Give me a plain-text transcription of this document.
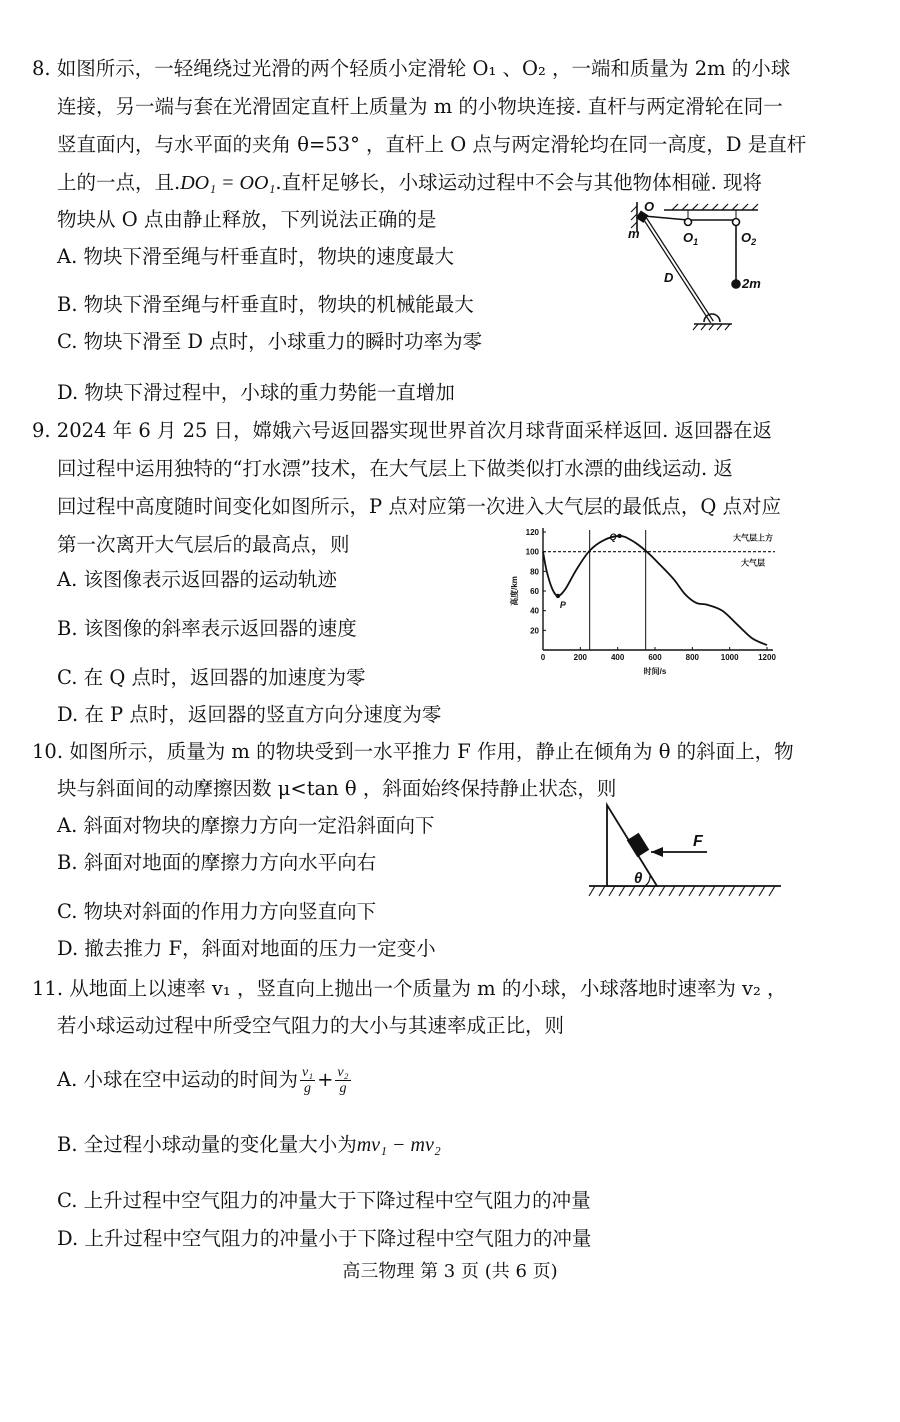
8. 如图所示，一轻绳绕过光滑的两个轻质小定滑轮 O₁ 、O₂ ，一端和质量为 2m 的小球
连接，另一端与套在光滑固定直杆上质量为 m 的小物块连接. 直杆与两定滑轮在同一
竖直面内，与水平面的夹角 θ=53° ，直杆上 O 点与两定滑轮均在同一高度，D 是直杆
上的一点，且.DO₁ = OO₁.直杆足够长，小球运动过程中不会与其他物体相碰. 现将
物块从 O 点由静止释放，下列说法正确的是
A. 物块下滑至绳与杆垂直时，物块的速度最大
B. 物块下滑至绳与杆垂直时，物块的机械能最大
C. 物块下滑至 D 点时，小球重力的瞬时功率为零
D. 物块下滑过程中，小球的重力势能一直增加
O
m	$O_1$	$O_2$
D	2m
9. 2024 年 6 月 25 日，嫦娥六号返回器实现世界首次月球背面采样返回. 返回器在返
回过程中运用独特的“打水漂”技术，在大气层上下做类似打水漂的曲线运动. 返
回过程中高度随时间变化如图所示，P 点对应第一次进入大气层的最低点，Q 点对应
第一次离开大气层后的最高点，则
A. 该图像表示返回器的运动轨迹
B. 该图像的斜率表示返回器的速度
C. 在 Q 点时，返回器的加速度为零
D. 在 P 点时，返回器的竖直方向分速度为零
0	200	400	600	800	1000 1200
20
40
60
80
100
120
时间/s
高度/km	P
Q	大气层上方
大气层
10. 如图所示，质量为 m 的物块受到一水平推力 F 作用，静止在倾角为 θ 的斜面上，物
块与斜面间的动摩擦因数 μ<tan θ ，斜面始终保持静止状态，则
A. 斜面对物块的摩擦力方向一定沿斜面向下
B. 斜面对地面的摩擦力方向水平向右
C. 物块对斜面的作用力方向竖直向下
D. 撤去推力 F，斜面对地面的压力一定变小
F
θ
11. 从地面上以速率 v₁ ，竖直向上抛出一个质量为 m 的小球，小球落地时速率为 v₂ ，
若小球运动过程中所受空气阻力的大小与其速率成正比，则
A. 小球在空中运动的时间为 $\frac{\text{v₁}}{g} + \frac{\text{v₂}}{g}$
B. 全过程小球动量的变化量大小为mv₁ − mv₂
C. 上升过程中空气阻力的冲量大于下降过程中空气阻力的冲量
D. 上升过程中空气阻力的冲量小于下降过程中空气阻力的冲量
高三物理 第 3 页 (共 6 页)
